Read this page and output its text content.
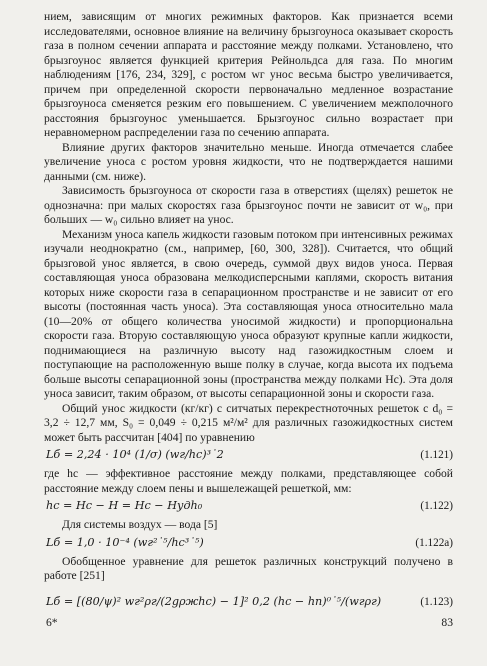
нием, зависящим от многих режимных факторов. Как признается всеми исследователями, основное влияние на величину брызгоуноса оказывает скорость газа в полном сечении аппарата и расстояние между полками. Установлено, что брызгоунос является функцией критерия Рейнольдса для газа. По многим наблюдениям [176, 234, 329], с ростом wг унос весьма быстро увеличивается, причем при определенной скорости первоначально медленное возрастание брызгоуноса сменяется резким его повышением. С увеличением межполочного расстояния брызгоунос уменьшается. Брызгоунос сильно возрастает при неравномерном распределении газа по сечению аппарата.

Влияние других факторов значительно меньше. Иногда отмечается слабее увеличение уноса с ростом уровня жидкости, что не подтверждается нашими данными (см. ниже).

Зависимость брызгоуноса от скорости газа в отверстиях (щелях) решеток не однозначна: при малых скоростях газа брызгоунос почти не зависит от w₀, при больших — w₀ сильно влияет на унос.

Механизм уноса капель жидкости газовым потоком при интенсивных режимах изучали неоднократно (см., например, [60, 300, 328]). Считается, что общий брызговой унос является, в свою очередь, суммой двух видов уноса. Первая составляющая уноса образована мелкодисперсными каплями, скорость витания которых ниже скорости газа в сепарационном пространстве и не зависит от его высоты (постоянная часть уноса). Эта составляющая уноса относительно мала (10—20% от общего количества уносимой жидкости) и пропорциональна скорости газа. Вторую составляющую уноса образуют крупные капли жидкости, поднимающиеся на различную высоту над газожидкостным слоем и поступающие на расположенную выше полку в случае, когда высота их подъема больше высоты сепарационной зоны (пространства между полками Hс). Эта доля уноса зависит, таким образом, от высоты сепарационной зоны и скорости газа.

Общий унос жидкости (кг/кг) с ситчатых перекрестноточных решеток с d₀ = 3,2 ÷ 12,7 мм, S₀ = 0,049 ÷ 0,215 м²/м² для различных газожидкостных систем может быть рассчитан [404] по уравнению

Lб = 2,24 · 10⁴ (1/σ) (wг/hс)³˙2	(1.121)

где hс — эффективное расстояние между полками, представляющее собой расстояние между слоем пены и вышележащей решеткой, мм:

hс = Hс − H = Hс − Hудh₀	(1.122)

Для системы воздух — вода [5]

Lб = 1,0 · 10⁻⁴ (wг²˙⁵/hс³˙⁵)	(1.122a)

Обобщенное уравнение для решеток различных конструкций получено в работе [251]

Lб = [(80/ψ)² wг²ρг/(2gρжhс) − 1]² 0,2 (hс − hп)⁰˙⁵/(wгρг)	(1.123)
6*	83
